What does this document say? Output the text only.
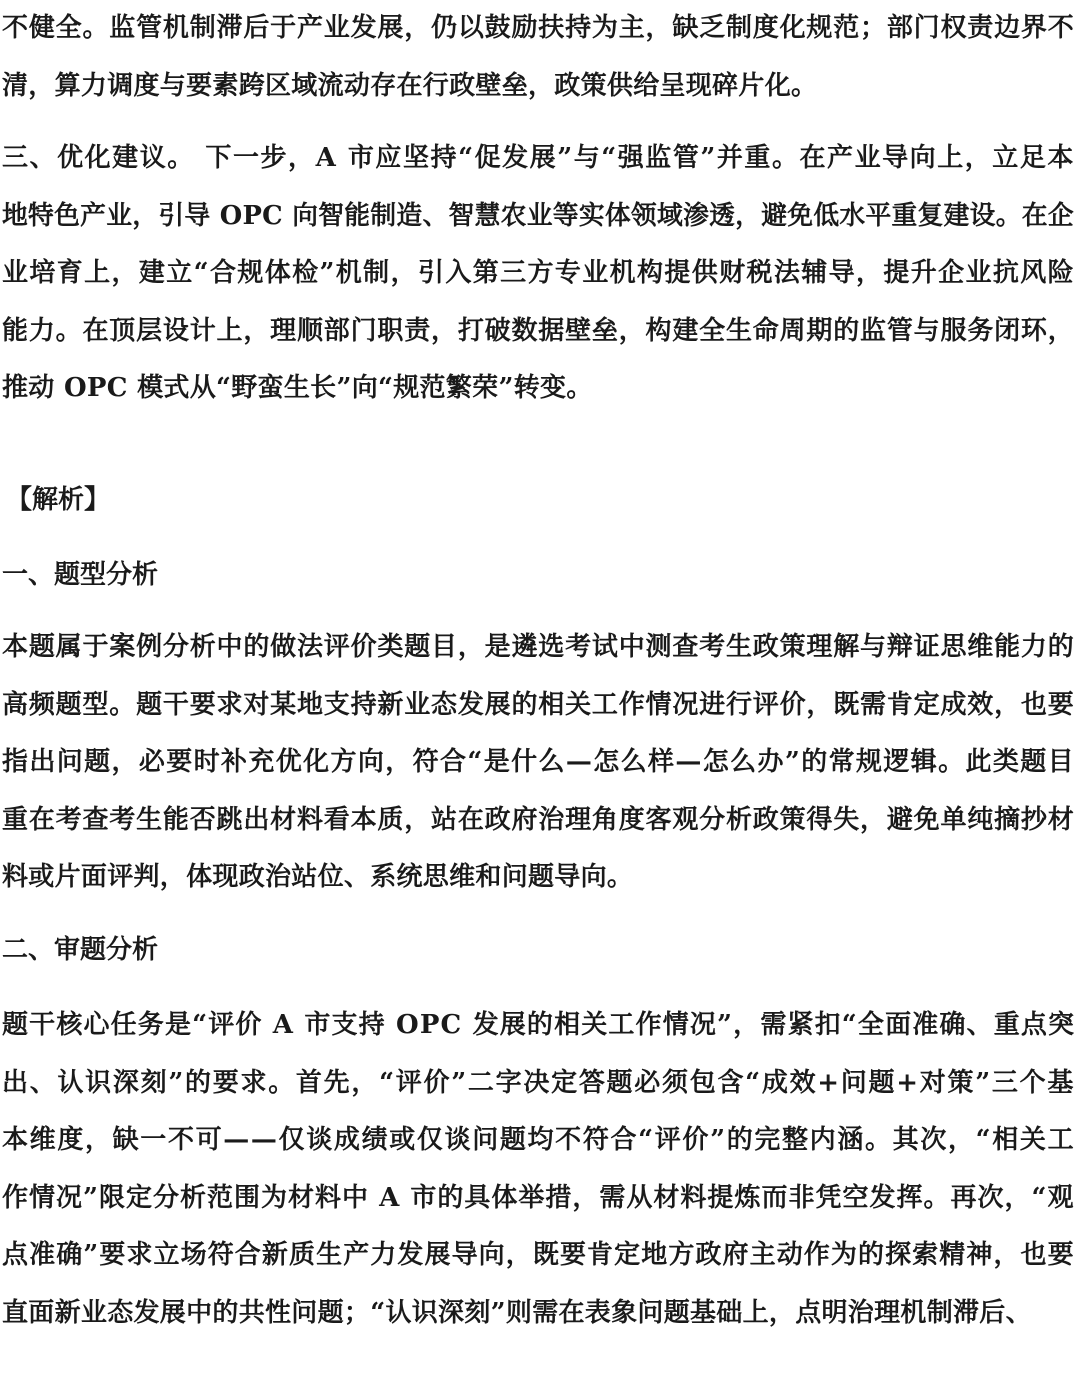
不健全。监管机制滞后于产业发展，仍以鼓励扶持为主，缺乏制度化规范；部门权责边界不
清，算力调度与要素跨区域流动存在行政壁垒，政策供给呈现碎片化。

三、优化建议。 下一步，A 市应坚持“促发展”与“强监管”并重。在产业导向上，立足本
地特色产业，引导 OPC 向智能制造、智慧农业等实体领域渗透，避免低水平重复建设。在企
业培育上，建立“合规体检”机制，引入第三方专业机构提供财税法辅导，提升企业抗风险
能力。在顶层设计上，理顺部门职责，打破数据壁垒，构建全生命周期的监管与服务闭环，
推动 OPC 模式从“野蛮生长”向“规范繁荣”转变。

【解析】
一、题型分析

本题属于案例分析中的做法评价类题目，是遴选考试中测查考生政策理解与辩证思维能力的
高频题型。题干要求对某地支持新业态发展的相关工作情况进行评价，既需肯定成效，也要
指出问题，必要时补充优化方向，符合“是什么—怎么样—怎么办”的常规逻辑。此类题目
重在考查考生能否跳出材料看本质，站在政府治理角度客观分析政策得失，避免单纯摘抄材
料或片面评判，体现政治站位、系统思维和问题导向。

二、审题分析

题干核心任务是“评价 A 市支持 OPC 发展的相关工作情况”，需紧扣“全面准确、重点突
出、认识深刻”的要求。首先，“评价”二字决定答题必须包含“成效+问题+对策”三个基
本维度，缺一不可——仅谈成绩或仅谈问题均不符合“评价”的完整内涵。其次，“相关工
作情况”限定分析范围为材料中 A 市的具体举措，需从材料提炼而非凭空发挥。再次，“观
点准确”要求立场符合新质生产力发展导向，既要肯定地方政府主动作为的探索精神，也要
直面新业态发展中的共性问题；“认识深刻”则需在表象问题基础上，点明治理机制滞后、
